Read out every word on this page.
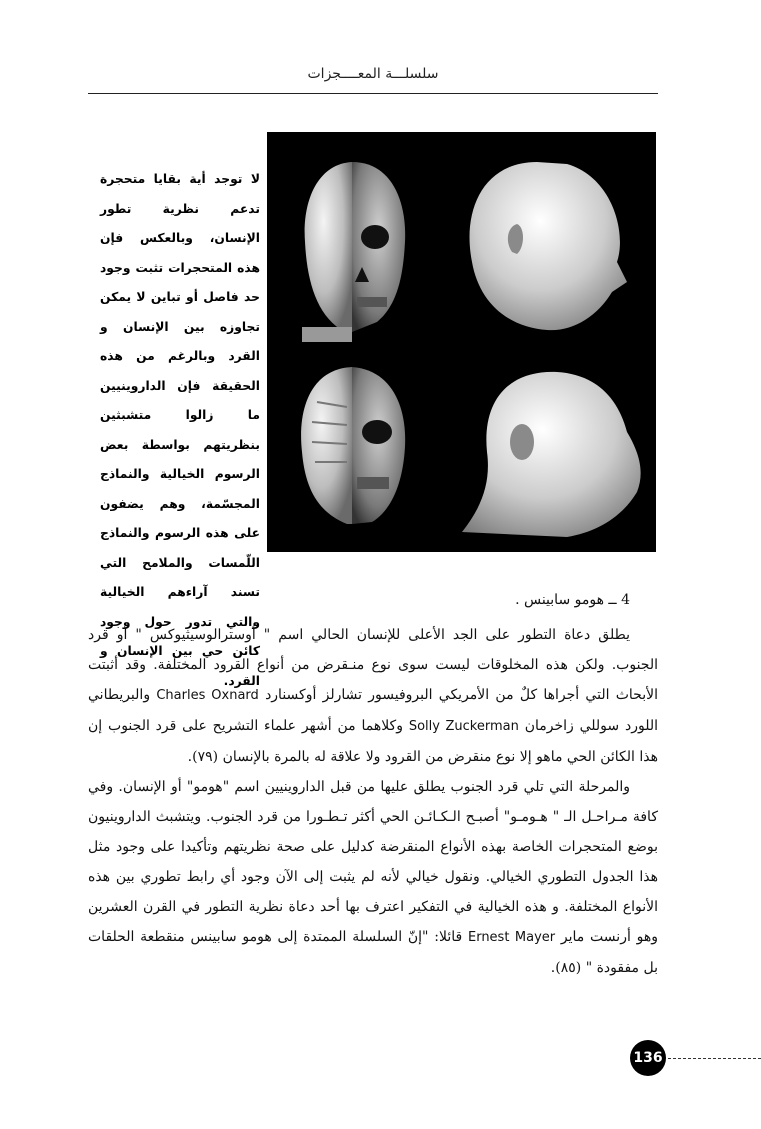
سلسلـــة المعــــجزات
لا توجد أية بقايا متحجرة تدعم نظرية تطور الإنسان، وبالعكس فإن هذه المتحجرات تثبت وجود حد فاصل أو تباين لا يمكن تجاوزه بين الإنسان و القرد وبالرغم من هذه الحقيقة فإن الداروينيين ما زالوا متشبثين بنظريتهم بواسطة بعض الرسوم الخيالية والنماذج المجسّمة، وهم يضفون على هذه الرسوم والنماذج اللّمسات والملامح التي تسند آراءهم الخيالية والتي تدور حول وجود كائن حي بين الإنسان و القرد.
4 ــ هومو سابينس .

يطلق دعاة التطور على الجد الأعلى للإنسان الحالي اسم " أوسترالوسيثيوكس " أو قرد الجنوب. ولكن هذه المخلوقات ليست سوى نوع منـقرض من أنواع القرود المختلفة. وقد أثبتت الأبحاث التي أجراها كلٌ من الأمريكي البروفيسور تشارلز أوكسنارد Charles Oxnard والبريطاني اللورد سوللي زاخرمان Solly Zuckerman وكلاهما من أشهر علماء التشريح على قرد الجنوب إن هذا الكائن الحي ماهو إلا نوع منقرض من القرود ولا علاقة له بالمرة بالإنسان (٧٩).

والمرحلة التي تلي قرد الجنوب يطلق عليها من قبل الداروينيين اسم "هومو" أو الإنسان. وفي كافة مـراحـل الـ " هـومـو" أصبـح الـكـائـن الحي أكثر تـطـورا من قرد الجنوب. ويتشبث الداروينيون بوضع المتحجرات الخاصة بهذه الأنواع المنقرضة كدليل على صحة نظريتهم وتأكيدا على وجود مثل هذا الجدول التطوري الخيالي. ونقول خيالي لأنه لم يثبت إلى الآن وجود أي رابط تطوري بين هذه الأنواع المختلفة. و هذه الخيالية في التفكير اعترف بها أحد دعاة نظرية التطور في القرن العشرين وهو أرنست ماير Ernest Mayer قائلا: "إنّ السلسلة الممتدة إلى هومو سابينس منقطعة الحلقات بل مفقودة " (٨٥).

136
